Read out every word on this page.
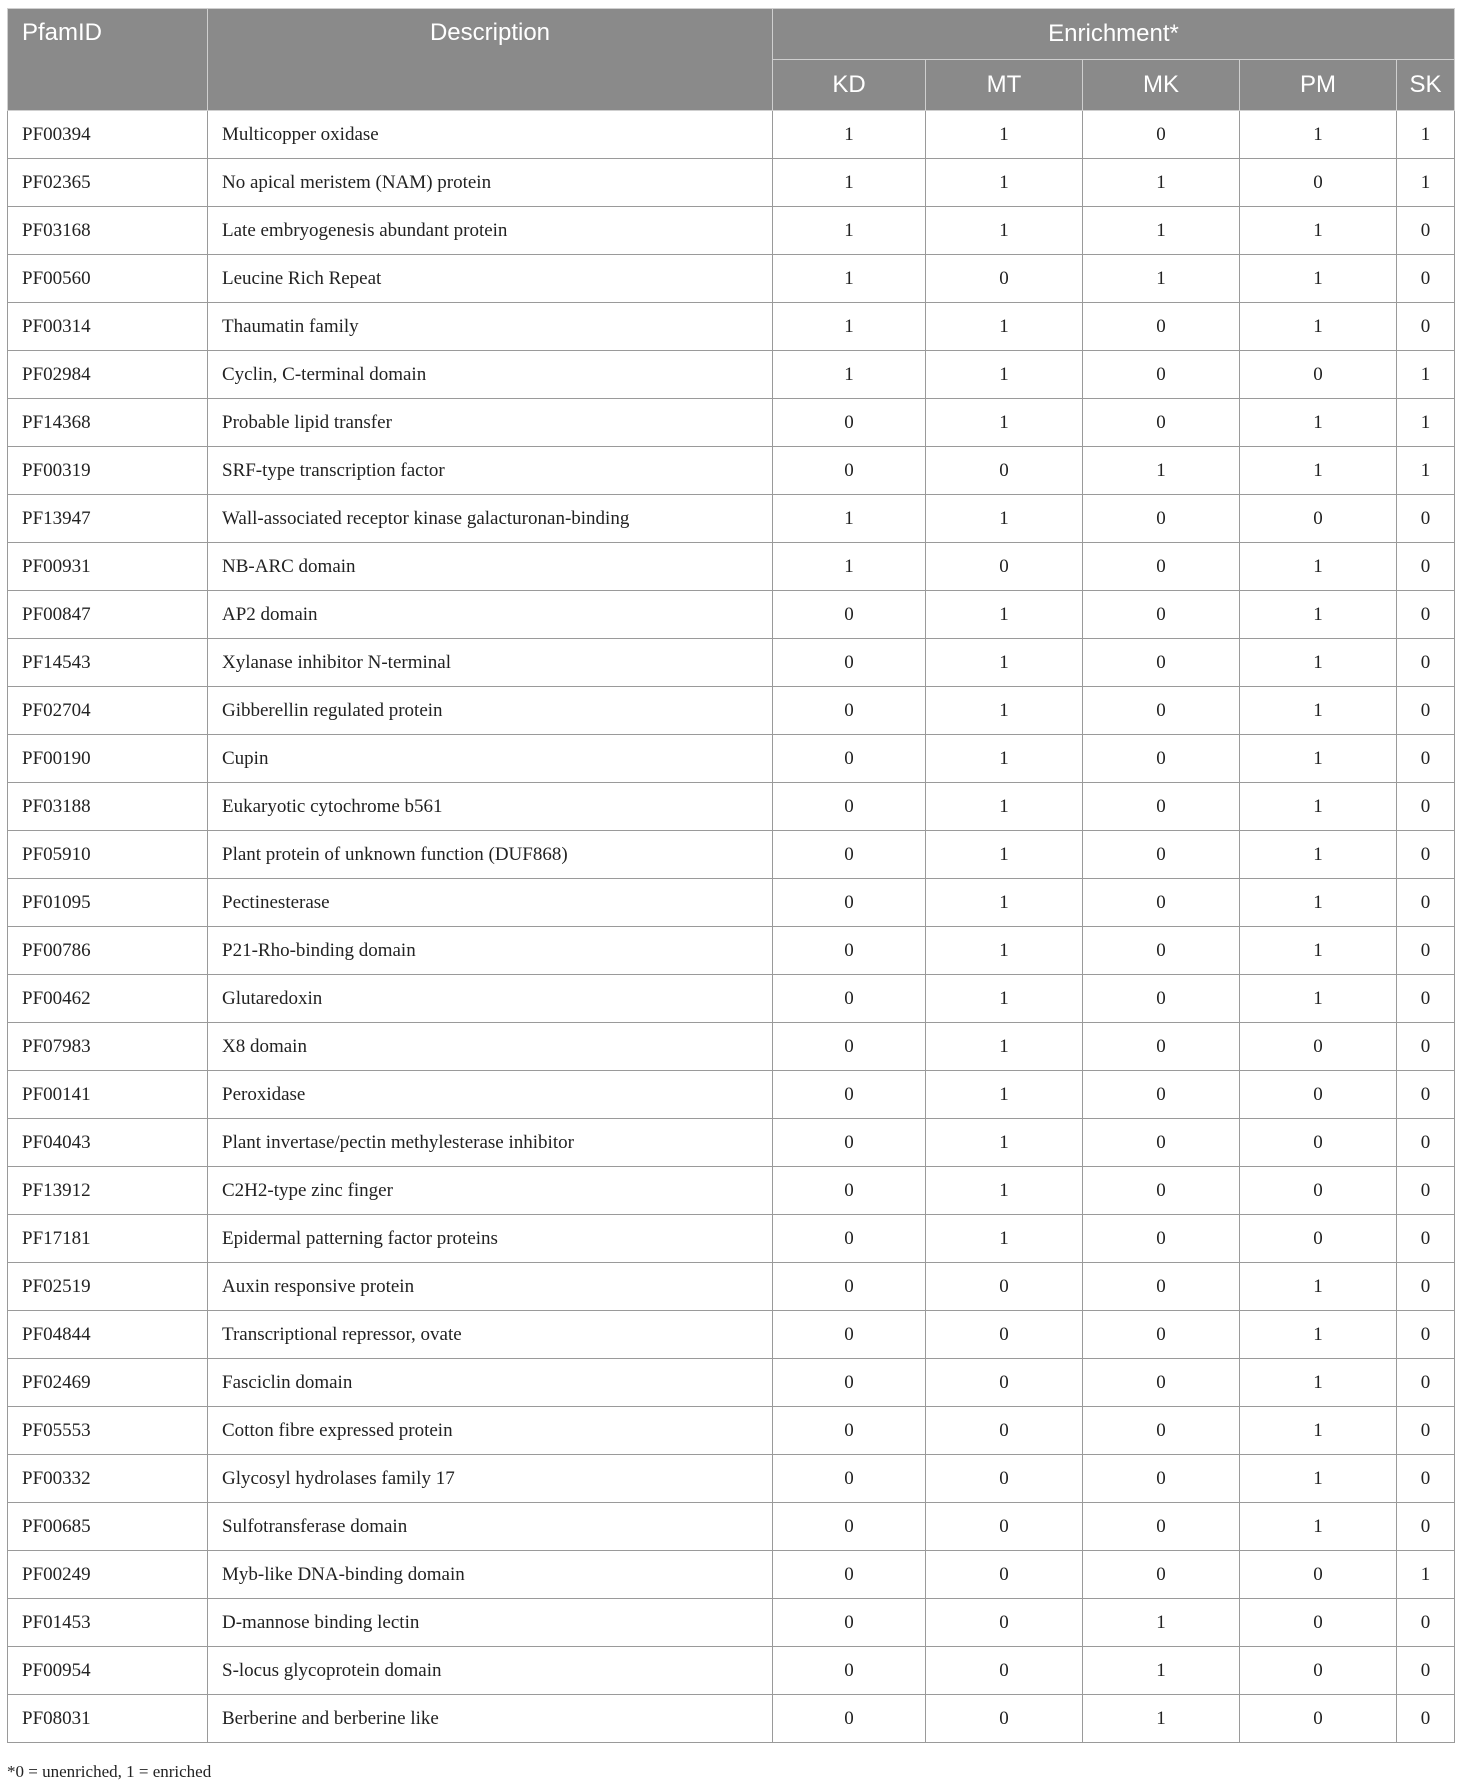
PfamID	Description	Enrichment*				
		KD	MT	MK	PM	SK
PF00394	Multicopper oxidase	1	1	0	1	1
PF02365	No apical meristem (NAM) protein	1	1	1	0	1
PF03168	Late embryogenesis abundant protein	1	1	1	1	0
PF00560	Leucine Rich Repeat	1	0	1	1	0
PF00314	Thaumatin family	1	1	0	1	0
PF02984	Cyclin, C-terminal domain	1	1	0	0	1
PF14368	Probable lipid transfer	0	1	0	1	1
PF00319	SRF-type transcription factor	0	0	1	1	1
PF13947	Wall-associated receptor kinase galacturonan-binding	1	1	0	0	0
PF00931	NB-ARC domain	1	0	0	1	0
PF00847	AP2 domain	0	1	0	1	0
PF14543	Xylanase inhibitor N-terminal	0	1	0	1	0
PF02704	Gibberellin regulated protein	0	1	0	1	0
PF00190	Cupin	0	1	0	1	0
PF03188	Eukaryotic cytochrome b561	0	1	0	1	0
PF05910	Plant protein of unknown function (DUF868)	0	1	0	1	0
PF01095	Pectinesterase	0	1	0	1	0
PF00786	P21-Rho-binding domain	0	1	0	1	0
PF00462	Glutaredoxin	0	1	0	1	0
PF07983	X8 domain	0	1	0	0	0
PF00141	Peroxidase	0	1	0	0	0
PF04043	Plant invertase/pectin methylesterase inhibitor	0	1	0	0	0
PF13912	C2H2-type zinc finger	0	1	0	0	0
PF17181	Epidermal patterning factor proteins	0	1	0	0	0
PF02519	Auxin responsive protein	0	0	0	1	0
PF04844	Transcriptional repressor, ovate	0	0	0	1	0
PF02469	Fasciclin domain	0	0	0	1	0
PF05553	Cotton fibre expressed protein	0	0	0	1	0
PF00332	Glycosyl hydrolases family 17	0	0	0	1	0
PF00685	Sulfotransferase domain	0	0	0	1	0
PF00249	Myb-like DNA-binding domain	0	0	0	0	1
PF01453	D-mannose binding lectin	0	0	1	0	0
PF00954	S-locus glycoprotein domain	0	0	1	0	0
PF08031	Berberine and berberine like	0	0	1	0	0
*0 = unenriched, 1 = enriched
